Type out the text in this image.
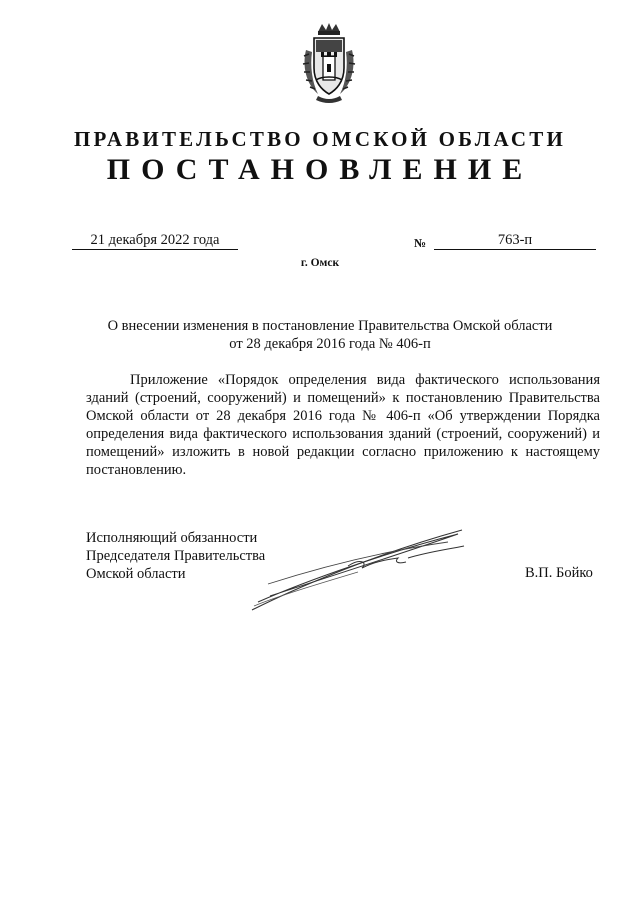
ПРАВИТЕЛЬСТВО ОМСКОЙ ОБЛАСТИ
ПОСТАНОВЛЕНИЕ
21 декабря 2022 года	№	763-п
г. Омск
О внесении изменения в постановление Правительства Омской области
от 28 декабря 2016 года № 406-п

Приложение «Порядок определения вида фактического использования зданий (строений, сооружений) и помещений» к постановлению Правительства Омской области от 28 декабря 2016 года № 406-п «Об утверждении Порядка определения вида фактического использования зданий (строений, сооружений) и помещений» изложить в новой редакции согласно приложению к настоящему постановлению.

Исполняющий обязанности
Председателя Правительства
Омской области	В.П. Бойко
